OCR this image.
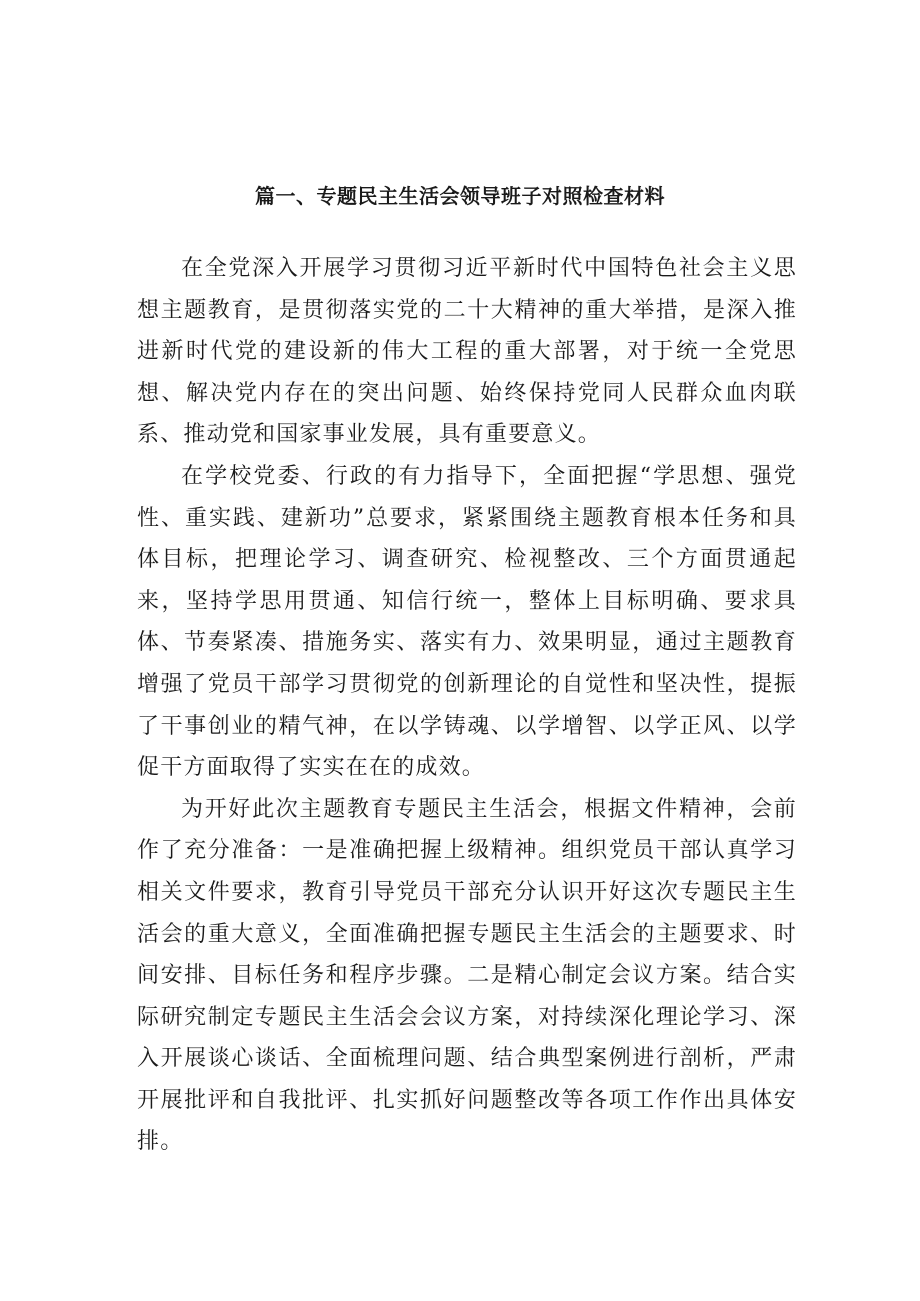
篇一、专题民主生活会领导班子对照检查材料

在全党深入开展学习贯彻习近平新时代中国特色社会主义思想主题教育，是贯彻落实党的二十大精神的重大举措，是深入推进新时代党的建设新的伟大工程的重大部署，对于统一全党思想、解决党内存在的突出问题、始终保持党同人民群众血肉联系、推动党和国家事业发展，具有重要意义。

在学校党委、行政的有力指导下，全面把握“学思想、强党性、重实践、建新功”总要求，紧紧围绕主题教育根本任务和具体目标，把理论学习、调查研究、检视整改、三个方面贯通起来，坚持学思用贯通、知信行统一，整体上目标明确、要求具体、节奏紧凑、措施务实、落实有力、效果明显，通过主题教育增强了党员干部学习贯彻党的创新理论的自觉性和坚决性，提振了干事创业的精气神，在以学铸魂、以学增智、以学正风、以学促干方面取得了实实在在的成效。

为开好此次主题教育专题民主生活会，根据文件精神，会前作了充分准备：一是准确把握上级精神。组织党员干部认真学习相关文件要求，教育引导党员干部充分认识开好这次专题民主生活会的重大意义，全面准确把握专题民主生活会的主题要求、时间安排、目标任务和程序步骤。二是精心制定会议方案。结合实际研究制定专题民主生活会会议方案，对持续深化理论学习、深入开展谈心谈话、全面梳理问题、结合典型案例进行剖析，严肃开展批评和自我批评、扎实抓好问题整改等各项工作作出具体安排。
